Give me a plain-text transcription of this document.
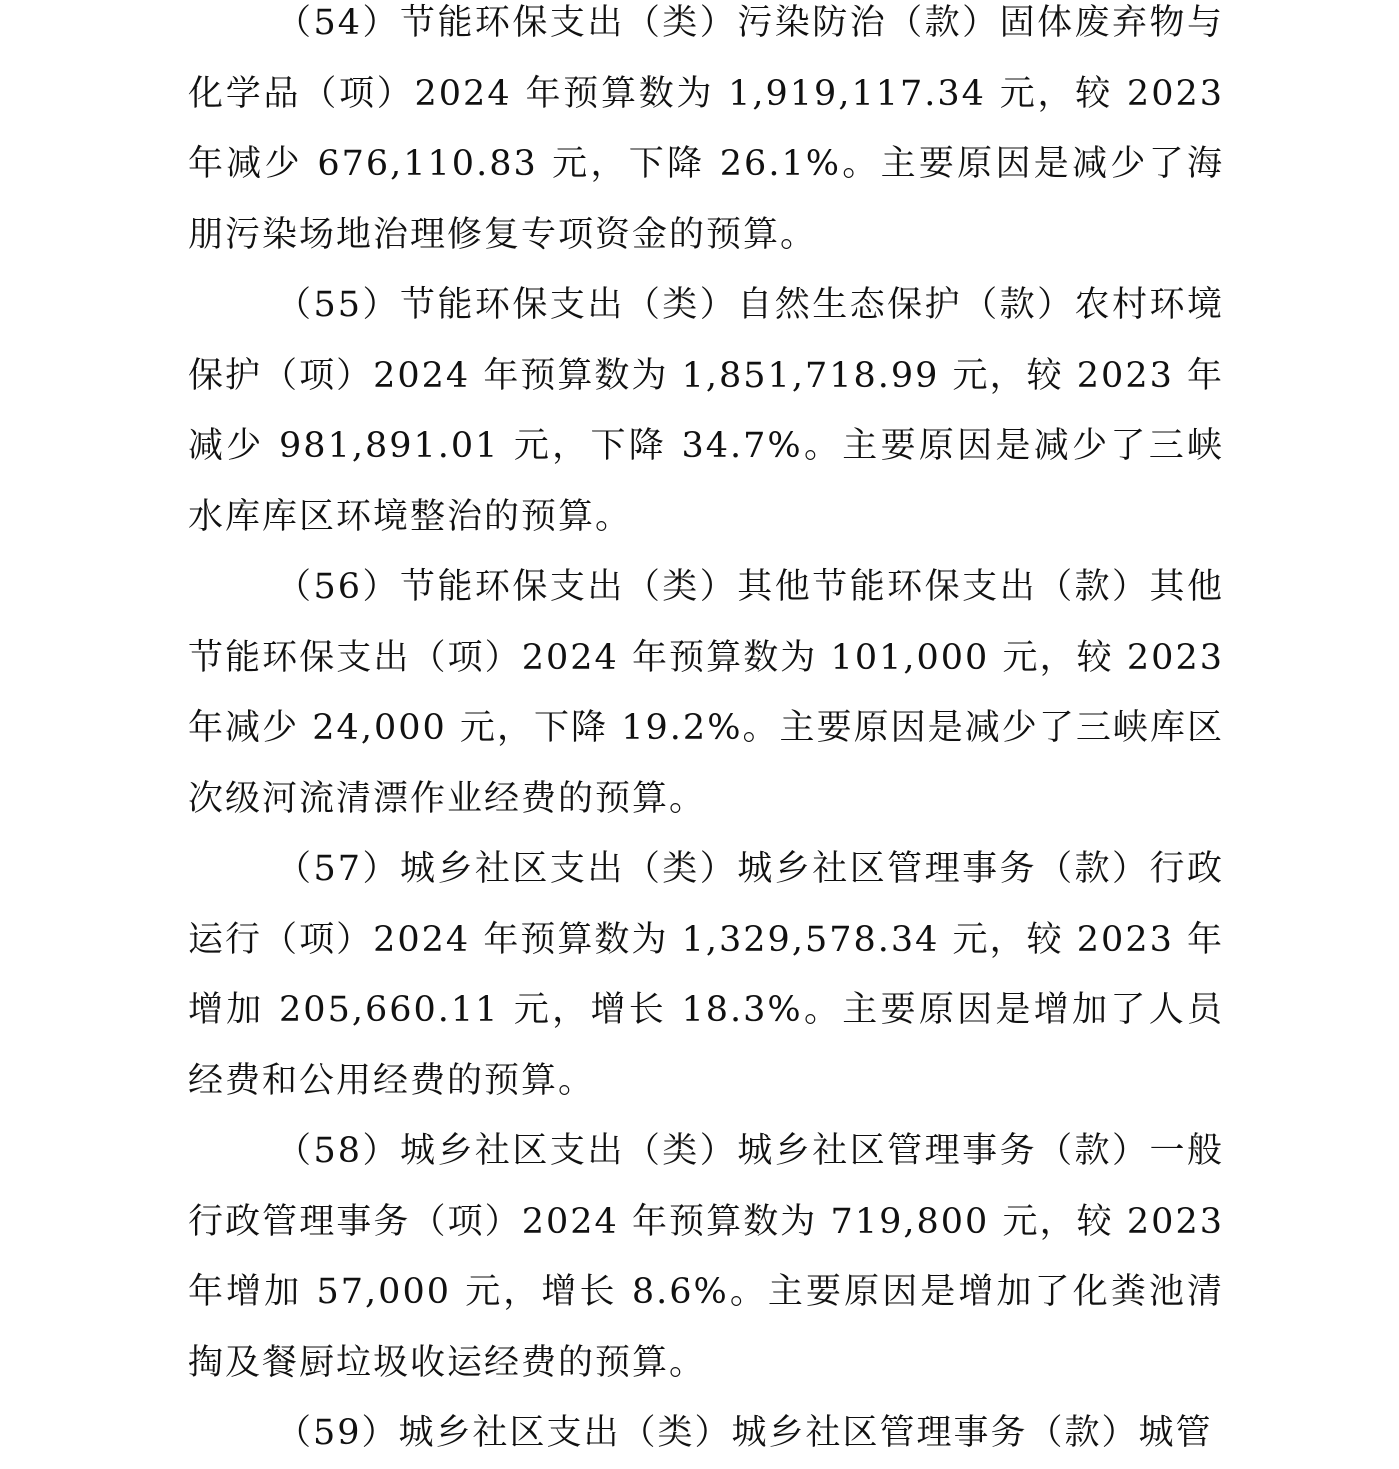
（54）节能环保支出（类）污染防治（款）固体废弃物与化学品（项）2024 年预算数为 1,919,117.34 元，较 2023 年减少 676,110.83 元，下降 26.1%。主要原因是减少了海朋污染场地治理修复专项资金的预算。

（55）节能环保支出（类）自然生态保护（款）农村环境保护（项）2024 年预算数为 1,851,718.99 元，较 2023 年减少 981,891.01 元，下降 34.7%。主要原因是减少了三峡水库库区环境整治的预算。

（56）节能环保支出（类）其他节能环保支出（款）其他节能环保支出（项）2024 年预算数为 101,000 元，较 2023 年减少 24,000 元，下降 19.2%。主要原因是减少了三峡库区次级河流清漂作业经费的预算。

（57）城乡社区支出（类）城乡社区管理事务（款）行政运行（项）2024 年预算数为 1,329,578.34 元，较 2023 年增加 205,660.11 元，增长 18.3%。主要原因是增加了人员经费和公用经费的预算。

（58）城乡社区支出（类）城乡社区管理事务（款）一般行政管理事务（项）2024 年预算数为 719,800 元，较 2023 年增加 57,000 元，增长 8.6%。主要原因是增加了化粪池清掏及餐厨垃圾收运经费的预算。

（59）城乡社区支出（类）城乡社区管理事务（款）城管
